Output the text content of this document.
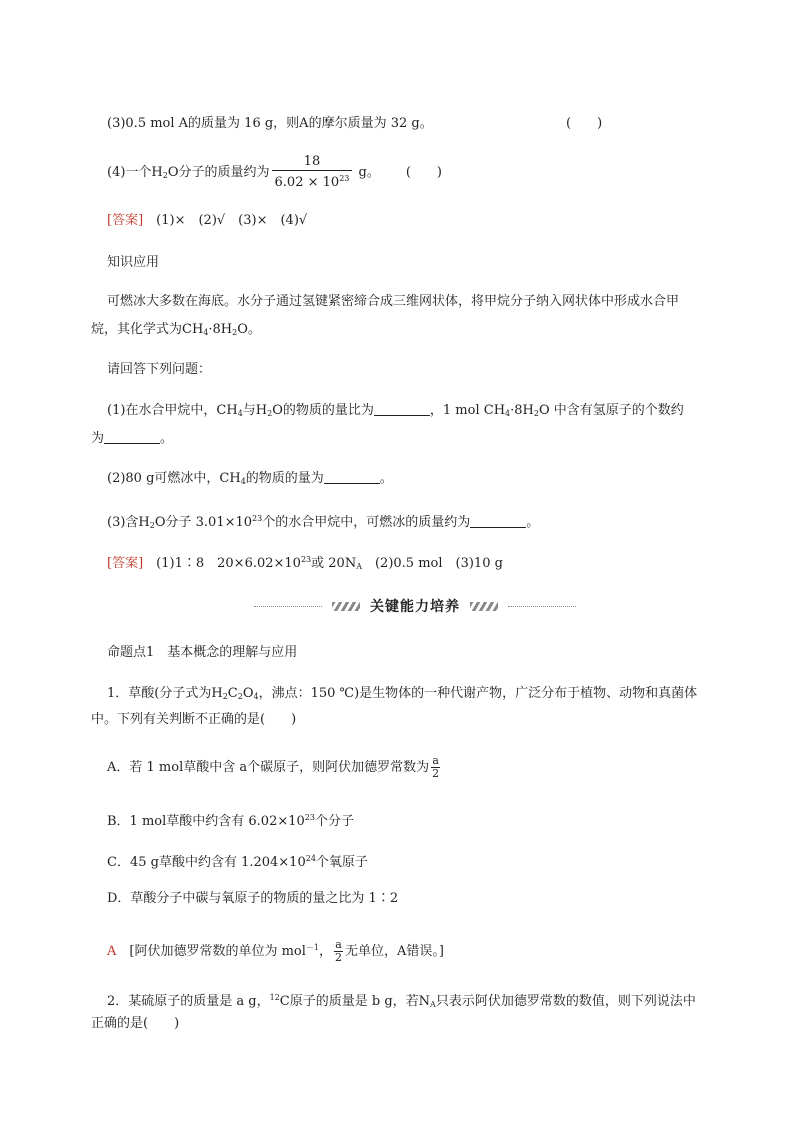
(3)0.5 mol A的质量为 16 g，则A的摩尔质量为 32 g。	(　　)
(4)一个$H_2O$分子的质量约为 $\frac{18}{6.02 \times 10^{23}}$ g。 (　　)
[答案]　 (1)×　(2)√　(3)×　(4)√
知识应用
可燃冰大多数在海底。水分子通过氢键紧密缔合成三维网状体，将甲烷分子纳入网状体中形成水合甲
烷，其化学式为$CH_4\cdot 8H_2O$。
请回答下列问题：
(1)在水合甲烷中，$CH_4$与$H_2O$的物质的量比为	，1 mol $CH_4\cdot 8H_2O$ 中含有氢原子的个数约
为	。
(2)80 g可燃冰中，$CH_4$的物质的量为	。
(3)含$H_2O$分子 $3.01\times 10^{23}$个的水合甲烷中，可燃冰的质量约为	。
[答案]　 (1)1∶8　$20\times 6.02\times 10^{23}$或 $20N_A$　(2)0.5 mol　(3)10 g
关键能力培养
命题点1　基本概念的理解与应用
1．草酸(分子式为$H_2C_2O_4$，沸点：150 ℃)是生物体的一种代谢产物，广泛分布于植物、动物和真菌体
中。下列有关判断不正确的是(　　)
A．若 1 mol草酸中含 a个碳原子，则阿伏加德罗常数为 $\frac{a}{2}$
B．1 mol草酸中约含有 $6.02\times 10^{23}$个分子
C．45 g草酸中约含有 $1.204\times 10^{24}$个氧原子
D．草酸分子中碳与氧原子的物质的量之比为 1∶2
A　[阿伏加德罗常数的单位为 mol$^{-1}$， $\frac{a}{2}$ 无单位，A错误。]
2．某硫原子的质量是 a g，$^{12}$C原子的质量是 b g，若$N_A$只表示阿伏加德罗常数的数值，则下列说法中
正确的是(　　)
